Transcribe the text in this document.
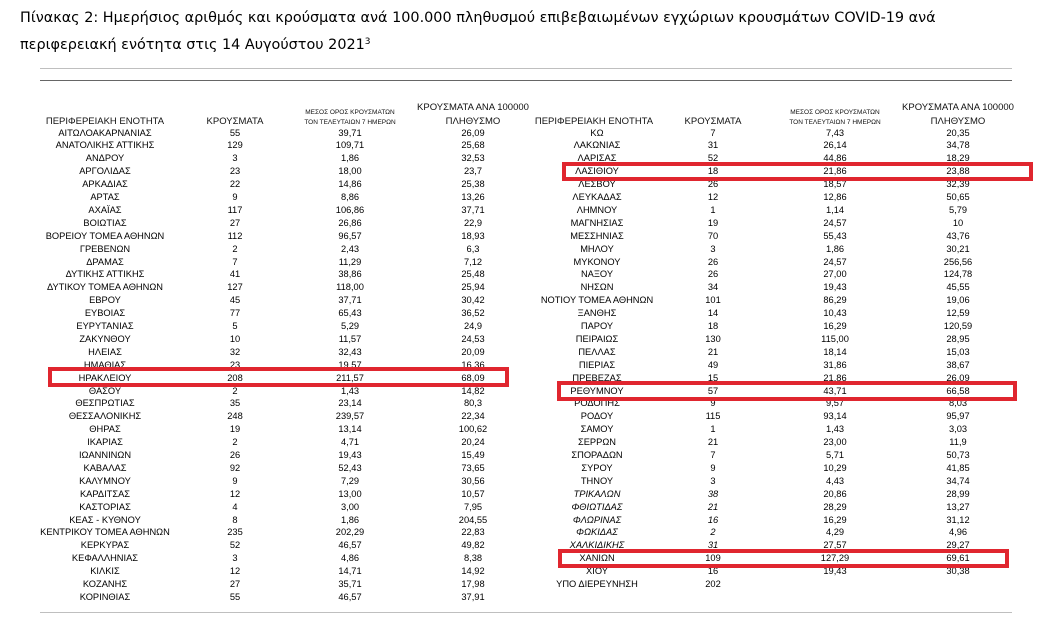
Πίνακας 2: Ημερήσιος αριθμός και κρούσματα ανά 100.000 πληθυσμού επιβεβαιωμένων εγχώριων κρουσμάτων COVID-19 ανά περιφερειακή ενότητα στις 14 Αυγούστου 2021$^3$
ΠΕΡΙΦΕΡΕΙΑΚΗ ΕΝΟΤΗΤΑ	ΚΡΟΥΣΜΑΤΑ
ΜΕΣΟΣ ΟΡΟΣ ΚΡΟΥΣΜΑΤΩΝ
ΤΟΝ ΤΕΛΕΥΤΑΙΩΝ 7 ΗΜΕΡΩΝ
ΚΡΟΥΣΜΑΤΑ ΑΝΑ 100000
ΠΛΗΘΥΣΜΟ	ΠΕΡΙΦΕΡΕΙΑΚΗ ΕΝΟΤΗΤΑ	ΚΡΟΥΣΜΑΤΑ
ΜΕΣΟΣ ΟΡΟΣ ΚΡΟΥΣΜΑΤΩΝ
ΤΟΝ ΤΕΛΕΥΤΑΙΩΝ 7 ΗΜΕΡΩΝ
ΚΡΟΥΣΜΑΤΑ ΑΝΑ 100000
ΠΛΗΘΥΣΜΟ
ΑΙΤΩΛΟΑΚΑΡΝΑΝΙΑΣ	55	39,71	26,09
ΑΝΑΤΟΛΙΚΗΣ ΑΤΤΙΚΗΣ	129	109,71	25,68
ΑΝΔΡΟΥ	3	1,86	32,53
ΑΡΓΟΛΙΔΑΣ	23	18,00	23,7
ΑΡΚΑΔΙΑΣ	22	14,86	25,38
ΑΡΤΑΣ	9	8,86	13,26
ΑΧΑΪΑΣ	117	106,86	37,71
ΒΟΙΩΤΙΑΣ	27	26,86	22,9
ΒΟΡΕΙΟΥ ΤΟΜΕΑ ΑΘΗΝΩΝ	112	96,57	18,93
ΓΡΕΒΕΝΩΝ	2	2,43	6,3
ΔΡΑΜΑΣ	7	11,29	7,12
ΔΥΤΙΚΗΣ ΑΤΤΙΚΗΣ	41	38,86	25,48
ΔΥΤΙΚΟΥ ΤΟΜΕΑ ΑΘΗΝΩΝ	127	118,00	25,94
ΕΒΡΟΥ	45	37,71	30,42
ΕΥΒΟΙΑΣ	77	65,43	36,52
ΕΥΡΥΤΑΝΙΑΣ	5	5,29	24,9
ΖΑΚΥΝΘΟΥ	10	11,57	24,53
ΗΛΕΙΑΣ	32	32,43	20,09
ΗΜΑΘΙΑΣ	23	19,57	16,36
ΗΡΑΚΛΕΙΟΥ	208	211,57	68,09
ΘΑΣΟΥ	2	1,43	14,82
ΘΕΣΠΡΩΤΙΑΣ	35	23,14	80,3
ΘΕΣΣΑΛΟΝΙΚΗΣ	248	239,57	22,34
ΘΗΡΑΣ	19	13,14	100,62
ΙΚΑΡΙΑΣ	2	4,71	20,24
ΙΩΑΝΝΙΝΩΝ	26	19,43	15,49
ΚΑΒΑΛΑΣ	92	52,43	73,65
ΚΑΛΥΜΝΟΥ	9	7,29	30,56
ΚΑΡΔΙΤΣΑΣ	12	13,00	10,57
ΚΑΣΤΟΡΙΑΣ	4	3,00	7,95
ΚΕΑΣ - ΚΥΘΝΟΥ	8	1,86	204,55
ΚΕΝΤΡΙΚΟΥ ΤΟΜΕΑ ΑΘΗΝΩΝ	235	202,29	22,83
ΚΕΡΚΥΡΑΣ	52	46,57	49,82
ΚΕΦΑΛΛΗΝΙΑΣ	3	4,86	8,38
ΚΙΛΚΙΣ	12	14,71	14,92
ΚΟΖΑΝΗΣ	27	35,71	17,98
ΚΟΡΙΝΘΙΑΣ	55	46,57	37,91
ΚΩ	7	7,43	20,35
ΛΑΚΩΝΙΑΣ	31	26,14	34,78
ΛΑΡΙΣΑΣ	52	44,86	18,29
ΛΑΣΙΘΙΟΥ	18	21,86	23,88
ΛΕΣΒΟΥ	26	18,57	32,39
ΛΕΥΚΑΔΑΣ	12	12,86	50,65
ΛΗΜΝΟΥ	1	1,14	5,79
ΜΑΓΝΗΣΙΑΣ	19	24,57	10
ΜΕΣΣΗΝΙΑΣ	70	55,43	43,76
ΜΗΛΟΥ	3	1,86	30,21
ΜΥΚΟΝΟΥ	26	24,57	256,56
ΝΑΞΟΥ	26	27,00	124,78
ΝΗΣΩΝ	34	19,43	45,55
ΝΟΤΙΟΥ ΤΟΜΕΑ ΑΘΗΝΩΝ	101	86,29	19,06
ΞΑΝΘΗΣ	14	10,43	12,59
ΠΑΡΟΥ	18	16,29	120,59
ΠΕΙΡΑΙΩΣ	130	115,00	28,95
ΠΕΛΛΑΣ	21	18,14	15,03
ΠΙΕΡΙΑΣ	49	31,86	38,67
ΠΡΕΒΕΖΑΣ	15	21,86	26,09
ΡΕΘΥΜΝΟΥ	57	43,71	66,58
ΡΟΔΟΠΗΣ	9	9,57	8,03
ΡΟΔΟΥ	115	93,14	95,97
ΣΑΜΟΥ	1	1,43	3,03
ΣΕΡΡΩΝ	21	23,00	11,9
ΣΠΟΡΑΔΩΝ	7	5,71	50,73
ΣΥΡΟΥ	9	10,29	41,85
ΤΗΝΟΥ	3	4,43	34,74
ΤΡΙΚΑΛΩΝ	38	20,86	28,99
ΦΘΙΩΤΙΔΑΣ	21	28,29	13,27
ΦΛΩΡΙΝΑΣ	16	16,29	31,12
ΦΩΚΙΔΑΣ	2	4,29	4,96
ΧΑΛΚΙΔΙΚΗΣ	31	27,57	29,27
ΧΑΝΙΩΝ	109	127,29	69,61
ΧΙΟΥ	16	19,43	30,38
ΥΠΟ ΔΙΕΡΕΥΝΗΣΗ	202
